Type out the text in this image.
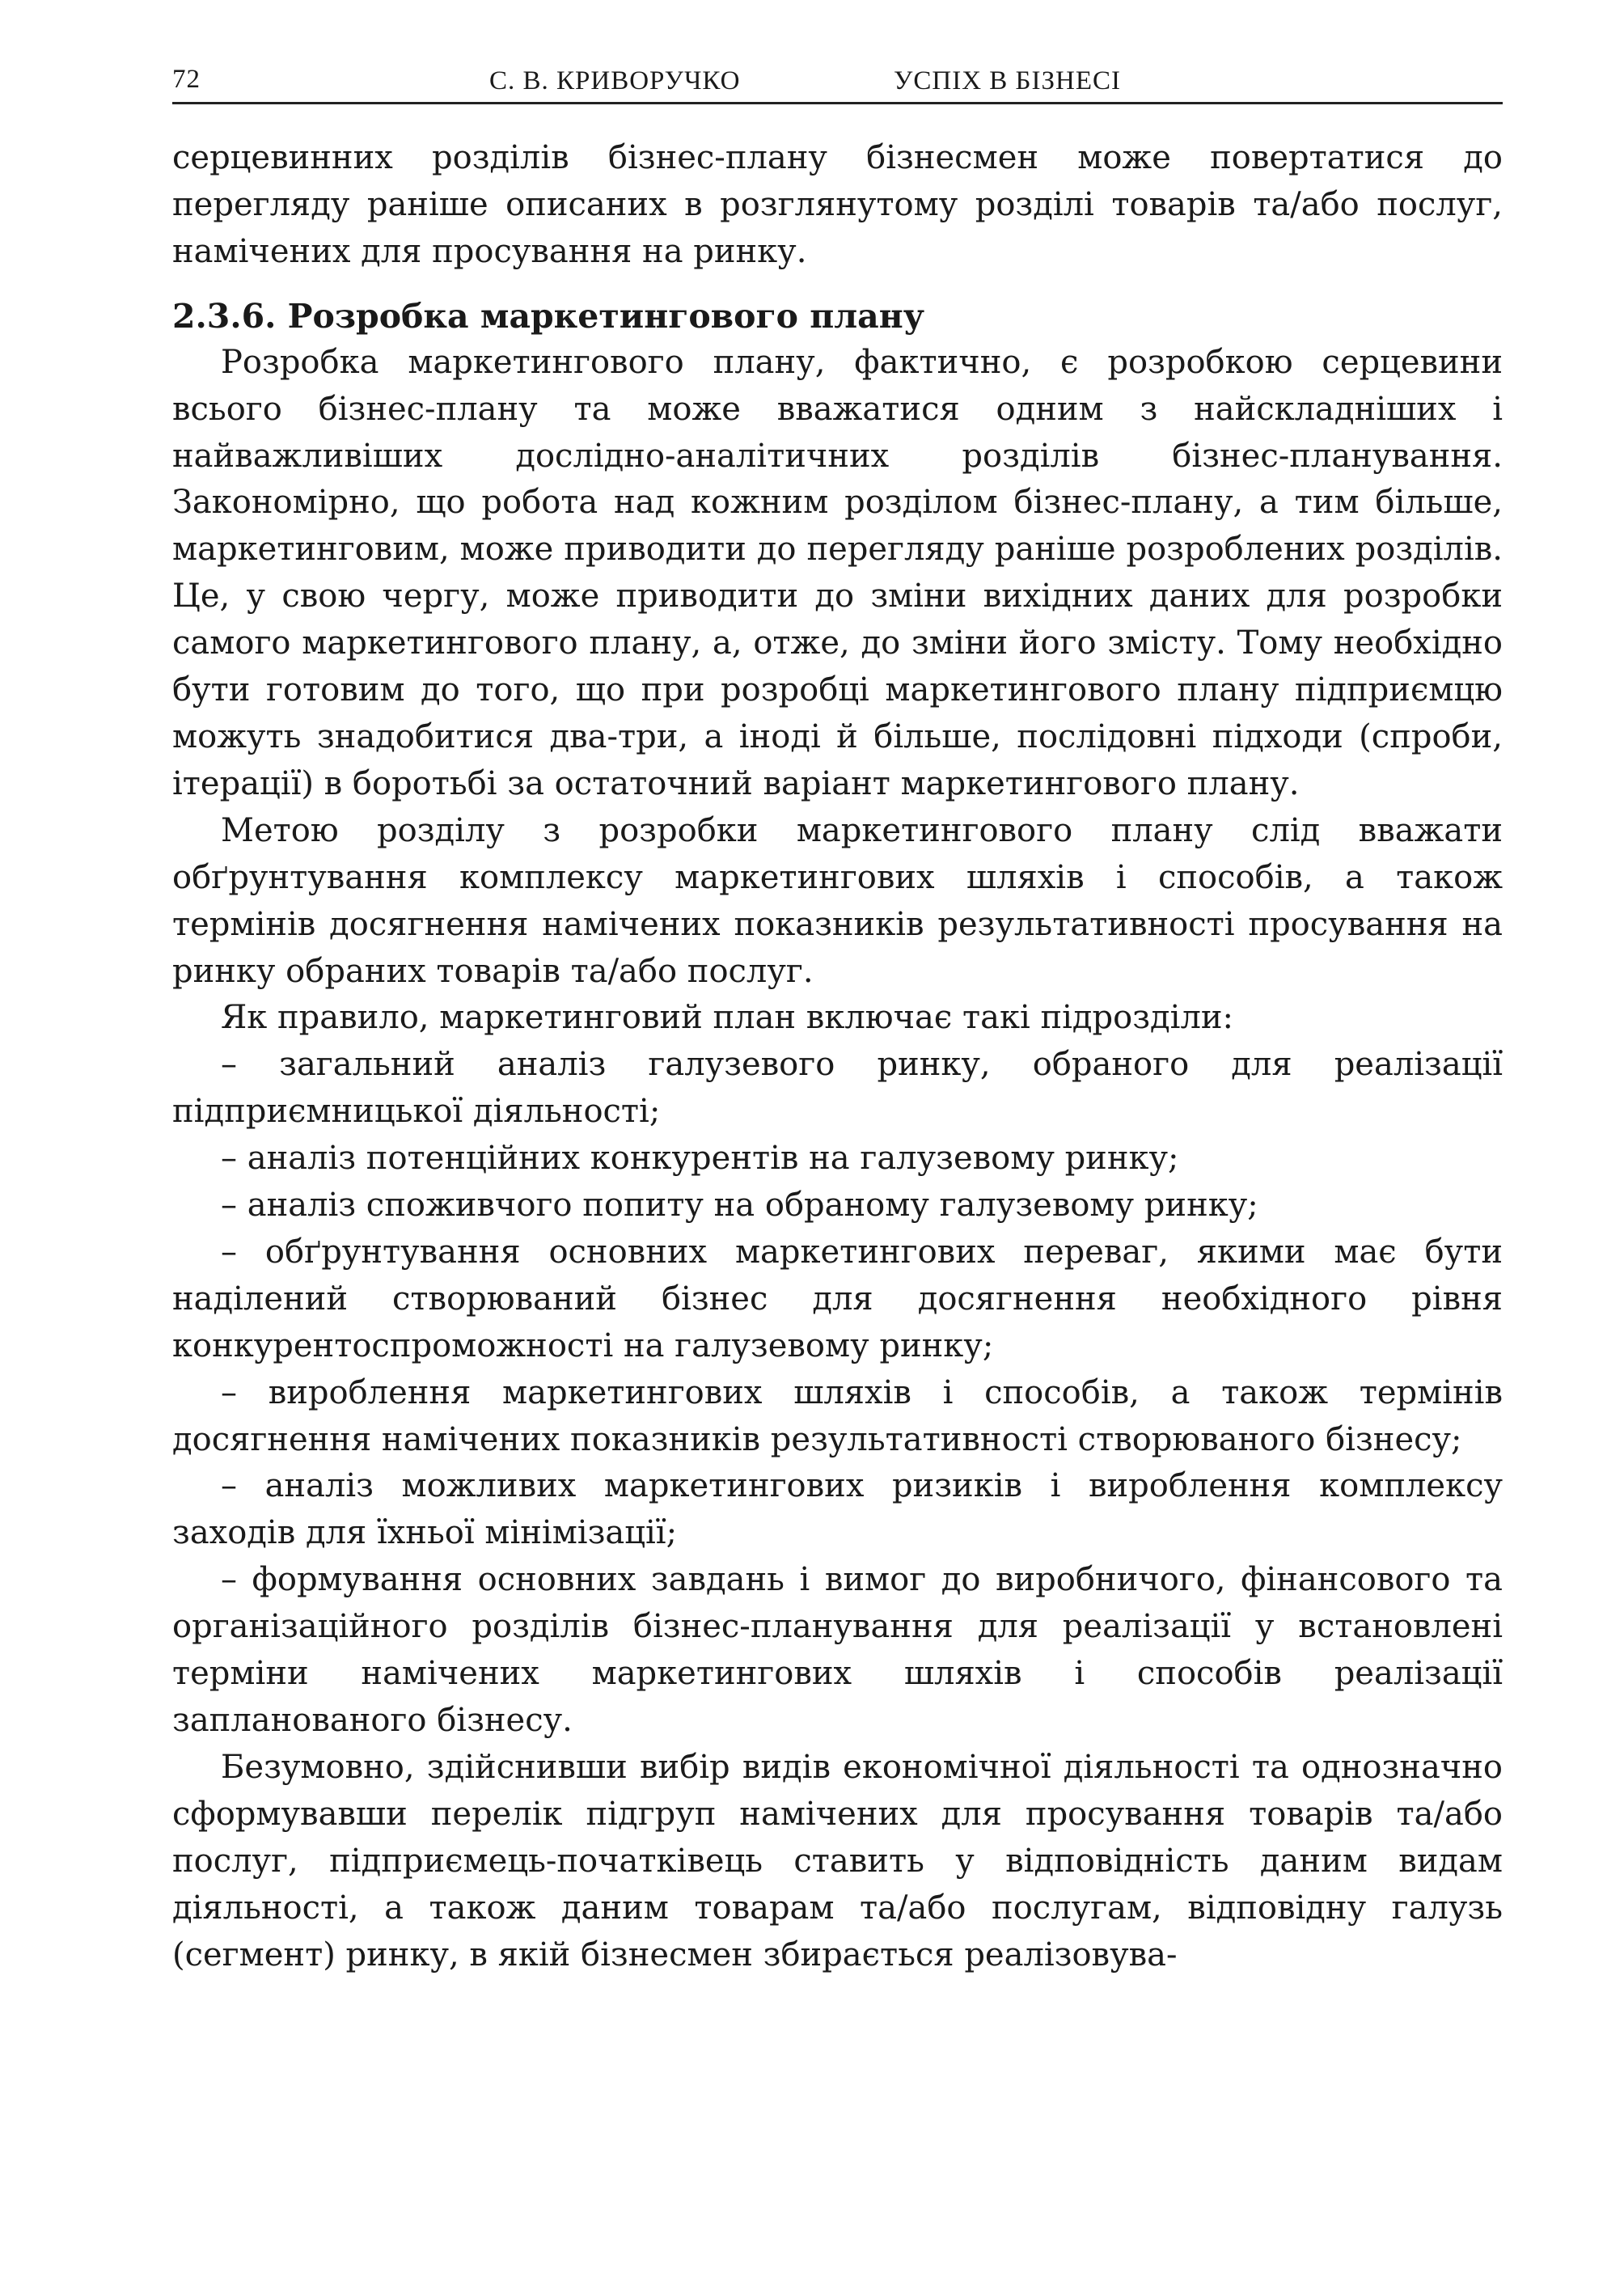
72	С. В. КРИВОРУЧКО	УСПІХ В БІЗНЕСІ

серцевинних розділів бізнес-плану бізнесмен може повертатися до перегляду раніше описаних в розглянутому розділі товарів та/або послуг, намічених для просування на ринку.

2.3.6. Розробка маркетингового плану

Розробка маркетингового плану, фактично, є розробкою серцевини всього бізнес-плану та може вважатися одним з найскладніших і найважливіших дослідно-аналітичних розділів бізнес-планування. Закономірно, що робота над кожним розділом бізнес-плану, а тим більше, маркетинговим, може приводити до перегляду раніше розроблених розділів. Це, у свою чергу, може приводити до зміни вихідних даних для розробки самого маркетингового плану, а, отже, до зміни його змісту. Тому необхідно бути готовим до того, що при розробці маркетингового плану підприємцю можуть знадобитися два-три, а іноді й більше, послідовні підходи (спроби, ітерації) в боротьбі за остаточний варіант маркетингового плану.

Метою розділу з розробки маркетингового плану слід вважати обґрунтування комплексу маркетингових шляхів і способів, а також термінів досягнення намічених показників результативності просування на ринку обраних товарів та/або послуг.

Як правило, маркетинговий план включає такі підрозділи:

– загальний аналіз галузевого ринку, обраного для реалізації підприємницької діяльності;
– аналіз потенційних конкурентів на галузевому ринку;
– аналіз споживчого попиту на обраному галузевому ринку;
– обґрунтування основних маркетингових переваг, якими має бути наділений створюваний бізнес для досягнення необхідного рівня конкурентоспроможності на галузевому ринку;
– вироблення маркетингових шляхів і способів, а також термінів досягнення намічених показників результативності створюваного бізнесу;
– аналіз можливих маркетингових ризиків і вироблення комплексу заходів для їхньої мінімізації;
– формування основних завдань і вимог до виробничого, фінансового та організаційного розділів бізнес-планування для реалізації у встановлені терміни намічених маркетингових шляхів і способів реалізації запланованого бізнесу.

Безумовно, здійснивши вибір видів економічної діяльності та однозначно сформувавши перелік підгруп намічених для просування товарів та/або послуг, підприємець-початківець ставить у відповідність даним видам діяльності, а також даним товарам та/або послугам, відповідну галузь (сегмент) ринку, в якій бізнесмен збирається реалізовува-
